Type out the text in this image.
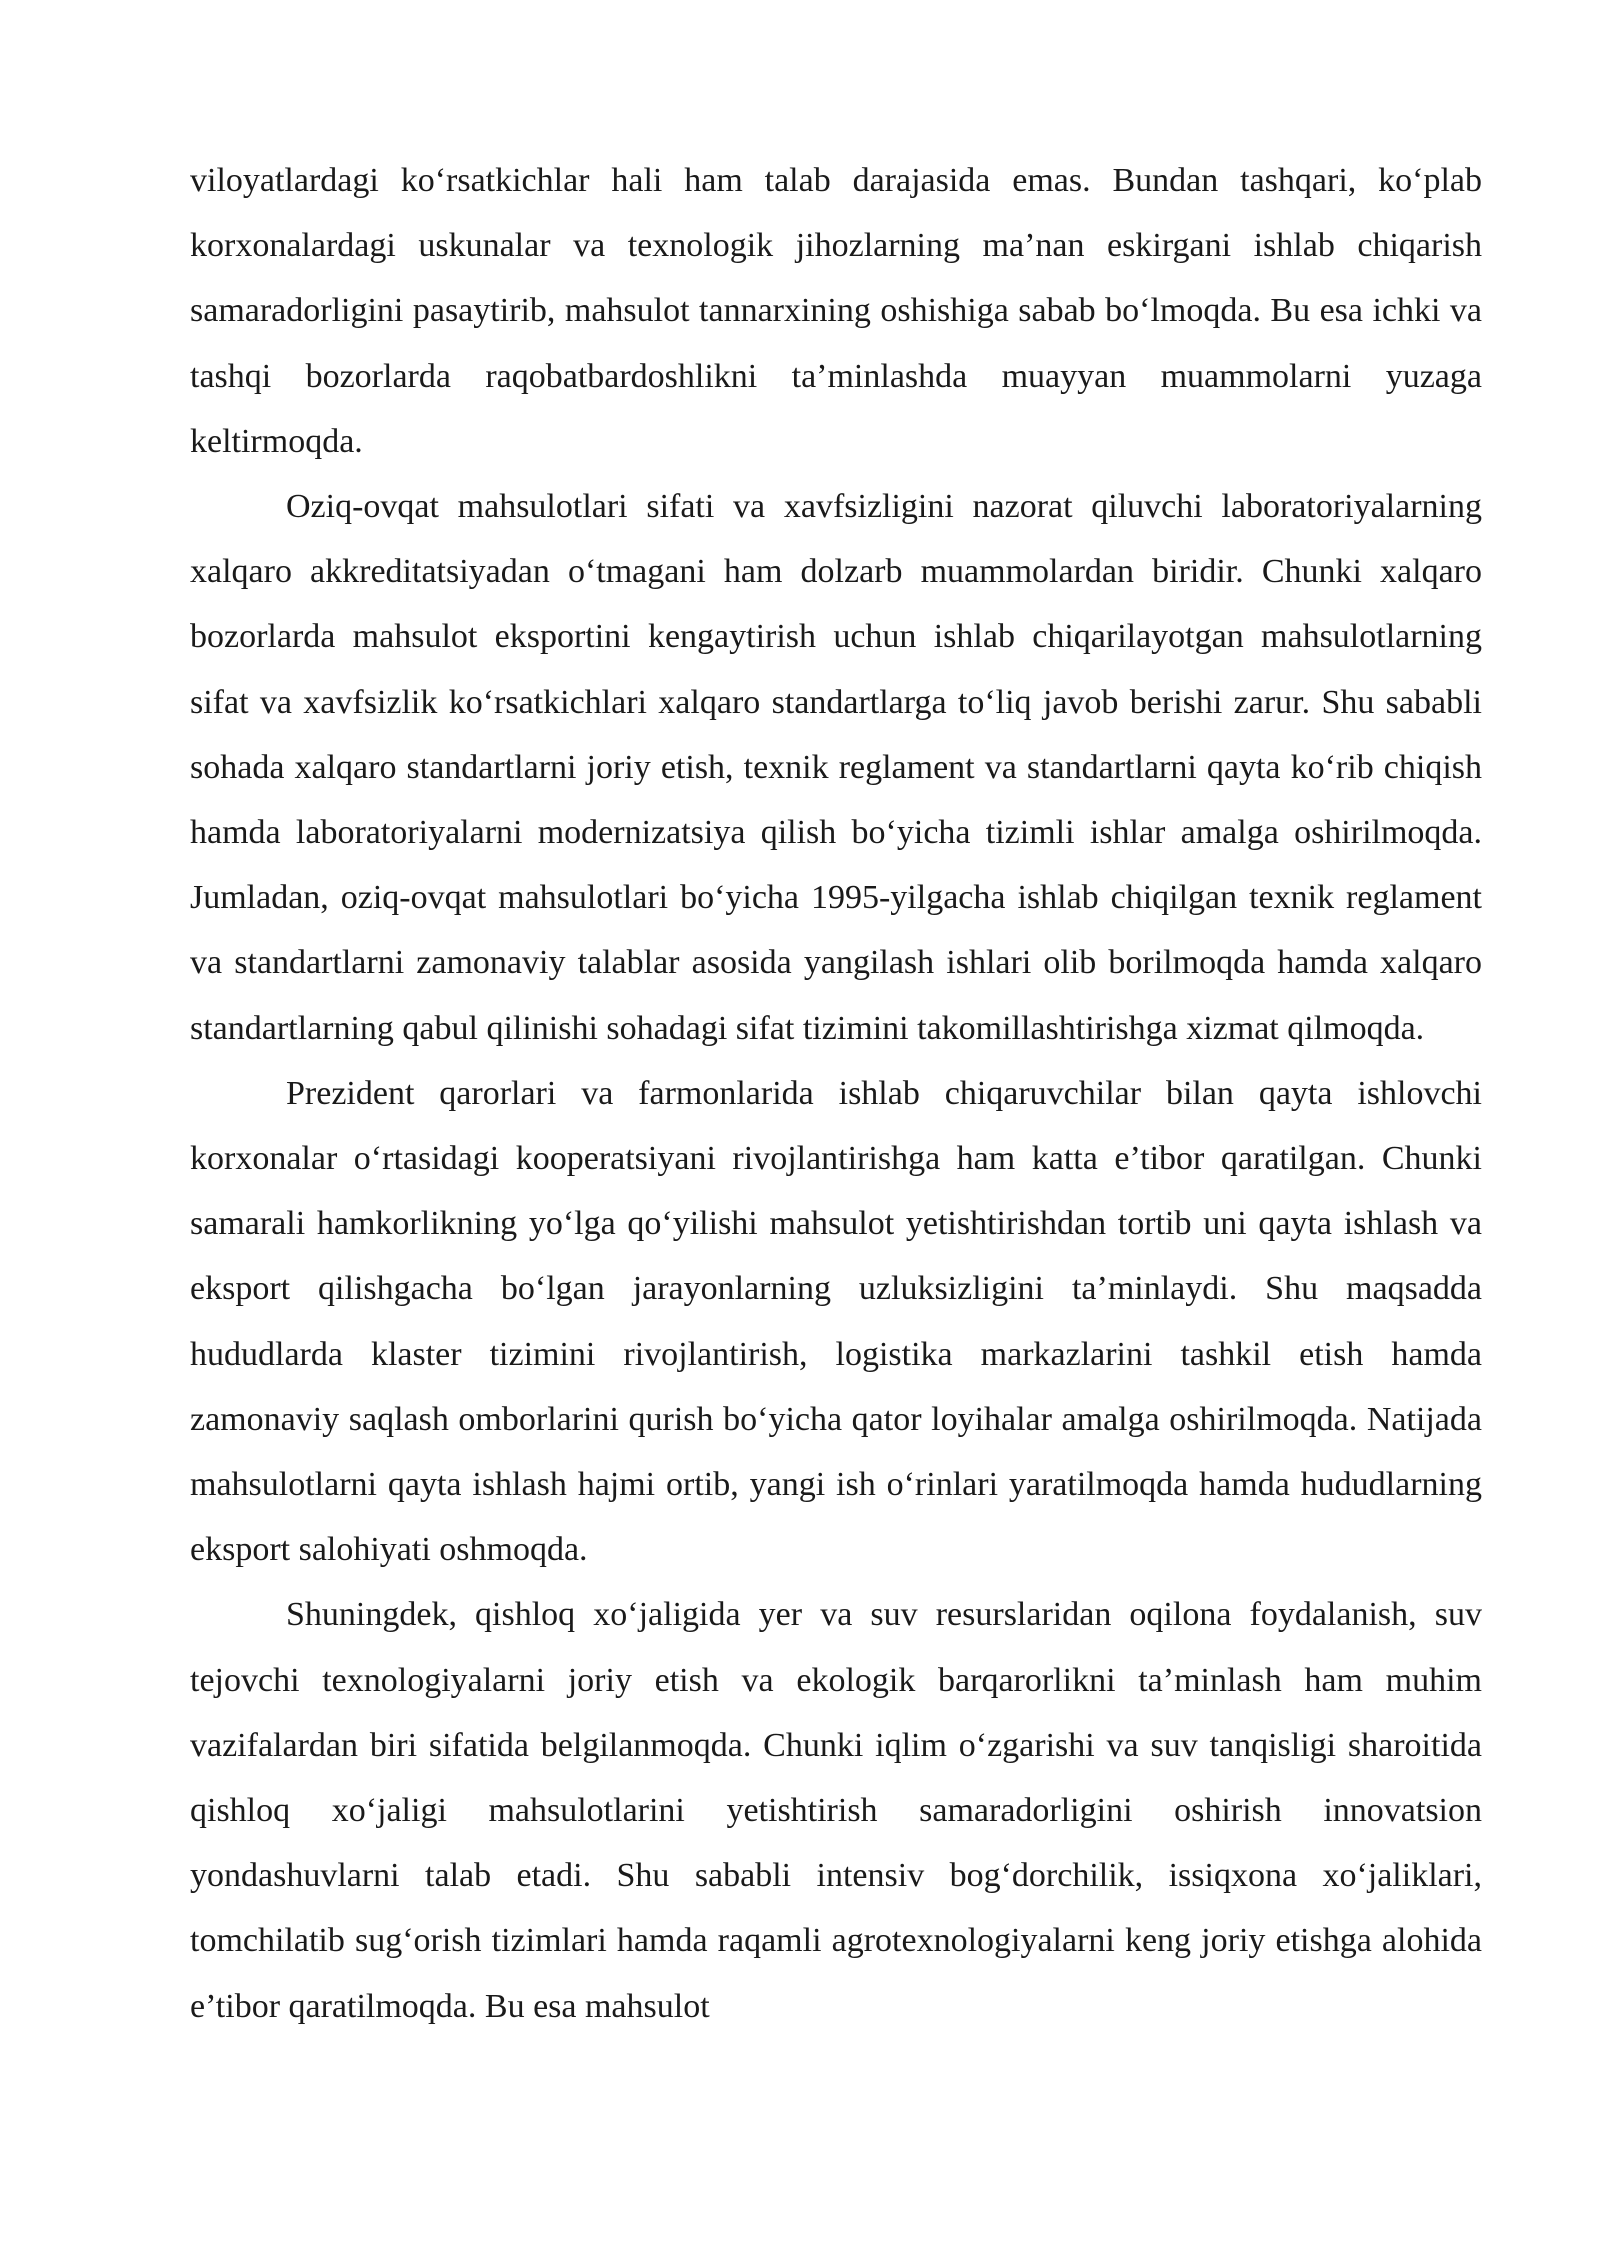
viloyatlardagi ko‘rsatkichlar hali ham talab darajasida emas. Bundan tashqari, ko‘plab korxonalardagi uskunalar va texnologik jihozlarning ma’nan eskirgani ishlab chiqarish samaradorligini pasaytirib, mahsulot tannarxining oshishiga sabab bo‘lmoqda. Bu esa ichki va tashqi bozorlarda raqobatbardoshlikni ta’minlashda muayyan muammolarni yuzaga keltirmoqda.

Oziq-ovqat mahsulotlari sifati va xavfsizligini nazorat qiluvchi laboratoriyalarning xalqaro akkreditatsiyadan o‘tmagani ham dolzarb muammolardan biridir. Chunki xalqaro bozorlarda mahsulot eksportini kengaytirish uchun ishlab chiqarilayotgan mahsulotlarning sifat va xavfsizlik ko‘rsatkichlari xalqaro standartlarga to‘liq javob berishi zarur. Shu sababli sohada xalqaro standartlarni joriy etish, texnik reglament va standartlarni qayta ko‘rib chiqish hamda laboratoriyalarni modernizatsiya qilish bo‘yicha tizimli ishlar amalga oshirilmoqda. Jumladan, oziq-ovqat mahsulotlari bo‘yicha 1995-yilgacha ishlab chiqilgan texnik reglament va standartlarni zamonaviy talablar asosida yangilash ishlari olib borilmoqda hamda xalqaro standartlarning qabul qilinishi sohadagi sifat tizimini takomillashtirishga xizmat qilmoqda.

Prezident qarorlari va farmonlarida ishlab chiqaruvchilar bilan qayta ishlovchi korxonalar o‘rtasidagi kooperatsiyani rivojlantirishga ham katta e’tibor qaratilgan. Chunki samarali hamkorlikning yo‘lga qo‘yilishi mahsulot yetishtirishdan tortib uni qayta ishlash va eksport qilishgacha bo‘lgan jarayonlarning uzluksizligini ta’minlaydi. Shu maqsadda hududlarda klaster tizimini rivojlantirish, logistika markazlarini tashkil etish hamda zamonaviy saqlash omborlarini qurish bo‘yicha qator loyihalar amalga oshirilmoqda. Natijada mahsulotlarni qayta ishlash hajmi ortib, yangi ish o‘rinlari yaratilmoqda hamda hududlarning eksport salohiyati oshmoqda.

Shuningdek, qishloq xo‘jaligida yer va suv resurslaridan oqilona foydalanish, suv tejovchi texnologiyalarni joriy etish va ekologik barqarorlikni ta’minlash ham muhim vazifalardan biri sifatida belgilanmoqda. Chunki iqlim o‘zgarishi va suv tanqisligi sharoitida qishloq xo‘jaligi mahsulotlarini yetishtirish samaradorligini oshirish innovatsion yondashuvlarni talab etadi. Shu sababli intensiv bog‘dorchilik, issiqxona xo‘jaliklari, tomchilatib sug‘orish tizimlari hamda raqamli agrotexnologiyalarni keng joriy etishga alohida e’tibor qaratilmoqda. Bu esa mahsulot
